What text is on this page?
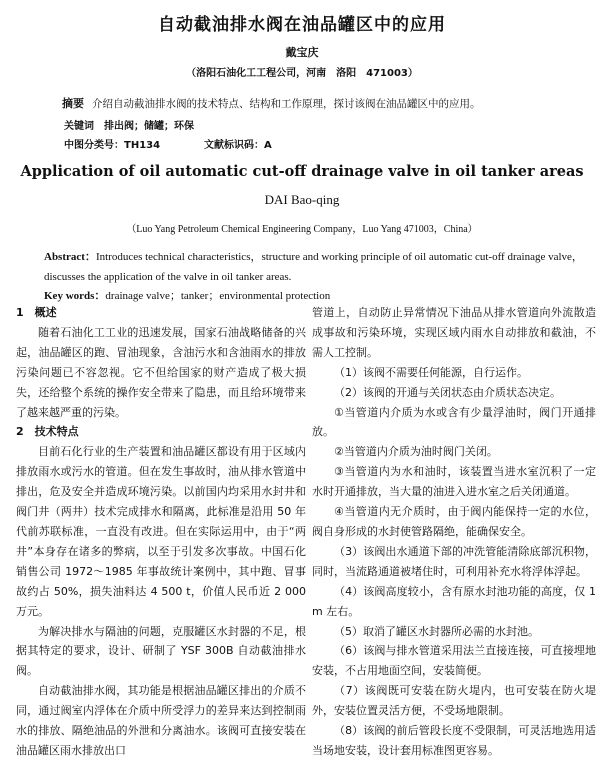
自动截油排水阀在油品罐区中的应用
戴宝庆
（洛阳石油化工工程公司，河南　洛阳　471003）
摘要 介绍自动截油排水阀的技术特点、结构和工作原理，探讨该阀在油品罐区中的应用。
关键词　排出阀；储罐；环保
中图分类号：TH134	文献标识码：A
Application of oil automatic cut-off drainage valve in oil tanker areas
DAI Bao-qing
（Luo Yang Petroleum Chemical Engineering Company，Luo Yang 471003，China）
Abstract：Introduces technical characteristics，structure and working principle of oil automatic cut-off drainage valve，discusses the application of the valve in oil tanker areas.
Key words：drainage valve；tanker；environmental protection
1　概述

随着石油化工工业的迅速发展，国家石油战略储备的兴起，油品罐区的跑、冒油现象，含油污水和含油雨水的排放污染问题已不容忽视。它不但给国家的财产造成了极大损失，还给整个系统的操作安全带来了隐患，而且给环境带来了越来越严重的污染。

2　技术特点

目前石化行业的生产装置和油品罐区都设有用于区域内排放雨水或污水的管道。但在发生事故时，油从排水管道中排出，危及安全并造成环境污染。以前国内均采用水封井和阀门井（两井）技术完成排水和隔离，此标准是沿用 50 年代前苏联标准，一直没有改进。但在实际运用中，由于“两井”本身存在诸多的弊病，以至于引发多次事故。中国石化销售公司 1972～1985 年事故统计案例中，其中跑、冒事故约占 50%，损失油料达 4 500 t，价值人民币近 2 000 万元。

为解决排水与隔油的问题，克服罐区水封器的不足，根据其特定的要求，设计、研制了 YSF 300B 自动截油排水阀。

自动截油排水阀，其功能是根据油品罐区排出的介质不同，通过阀室内浮体在介质中所受浮力的差异来达到控制雨水的排放、隔绝油品的外泄和分离油水。该阀可直接安装在油品罐区雨水排放出口

管道上，自动防止异常情况下油品从排水管道向外流散造成事故和污染环境，实现区域内雨水自动排放和截油，不需人工控制。

（1）该阀不需要任何能源，自行运作。

（2）该阀的开通与关闭状态由介质状态决定。

①当管道内介质为水或含有少量浮油时，阀门开通排放。

②当管道内介质为油时阀门关闭。

③当管道内为水和油时，该装置当进水室沉积了一定水时开通排放，当大量的油进入进水室之后关闭通道。

④当管道内无介质时，由于阀内能保持一定的水位，阀自身形成的水封使管路隔绝，能确保安全。

（3）该阀出水通道下部的冲洗管能清除底部沉积物，同时，当流路通道被堵住时，可利用补充水将浮体浮起。

（4）该阀高度较小，含有原水封池功能的高度，仅 1 m 左右。

（5）取消了罐区水封器所必需的水封池。

（6）该阀与排水管道采用法兰直接连接，可直接埋地安装，不占用地面空间，安装简便。

（7）该阀既可安装在防火堤内，也可安装在防火堤外，安装位置灵活方便，不受场地限制。

（8）该阀的前后管段长度不受限制，可灵活地选用适当场地安装，设计套用标准图更容易。
